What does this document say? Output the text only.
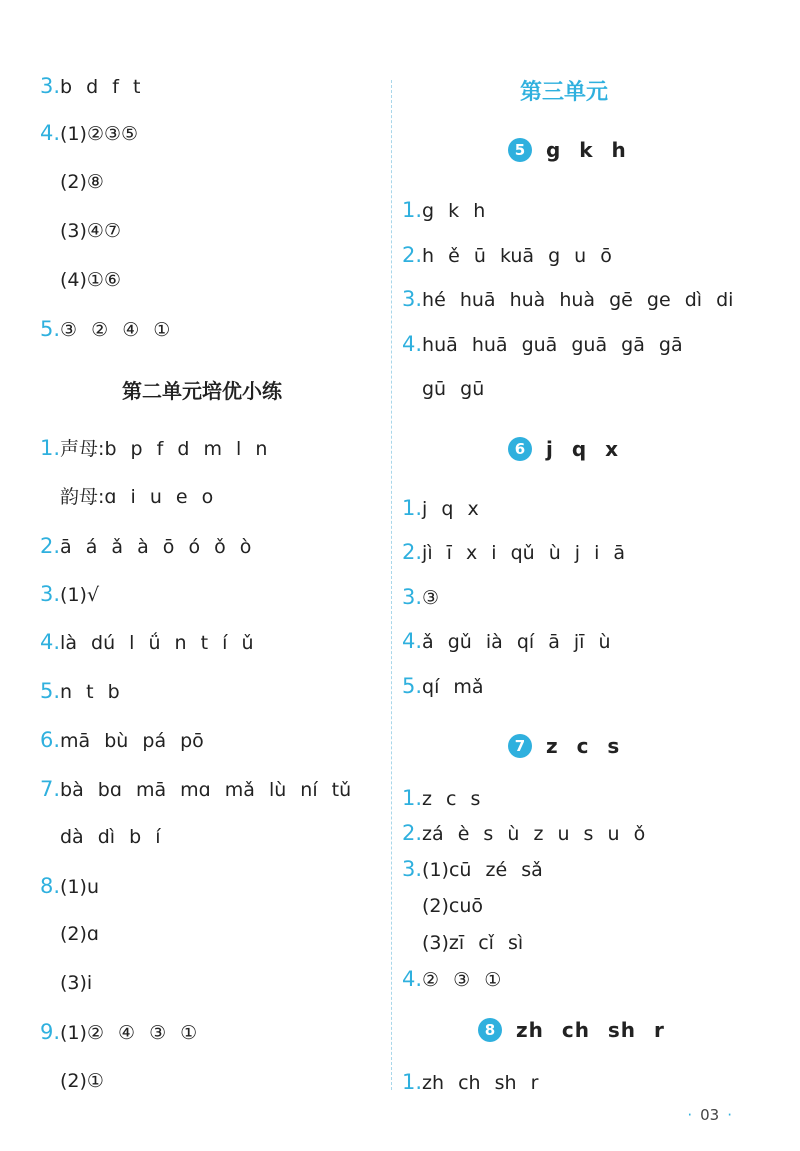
3.b d f t
4.(1)②③⑤
(2)⑧
(3)④⑦
(4)①⑥
5.③ ② ④ ①
第二单元培优小练
1.声母:b p f d m l n
韵母:ɑ i u e o
2.ā á ǎ à ō ó ǒ ò
3.(1)√
4.là dú l ǘ n t í ǔ
5.n t b
6.mā bù pá pō
7.bà bɑ mā mɑ mǎ lù ní tǔ
dà dì b í
8.(1)u
(2)ɑ
(3)i
9.(1)② ④ ③ ①
(2)①
第三单元
5	g k h
1.g k h
2.h ě ū kuā g u ō
3.hé huā huà huà gē ge dì di
4.huā huā guā guā gā gā
gū gū
6	j q x
1.j q x
2.jì ī x i qǔ ù j i ā
3.③
4.ǎ gǔ ià qí ā jī ù
5.qí mǎ
7	z c s
1.z c s
2.zá è s ù z u s u ǒ
3.(1)cū zé sǎ
(2)cuō
(3)zī cǐ sì
4.② ③ ①
8	zh ch sh r
1.zh ch sh r
· 03 ·
